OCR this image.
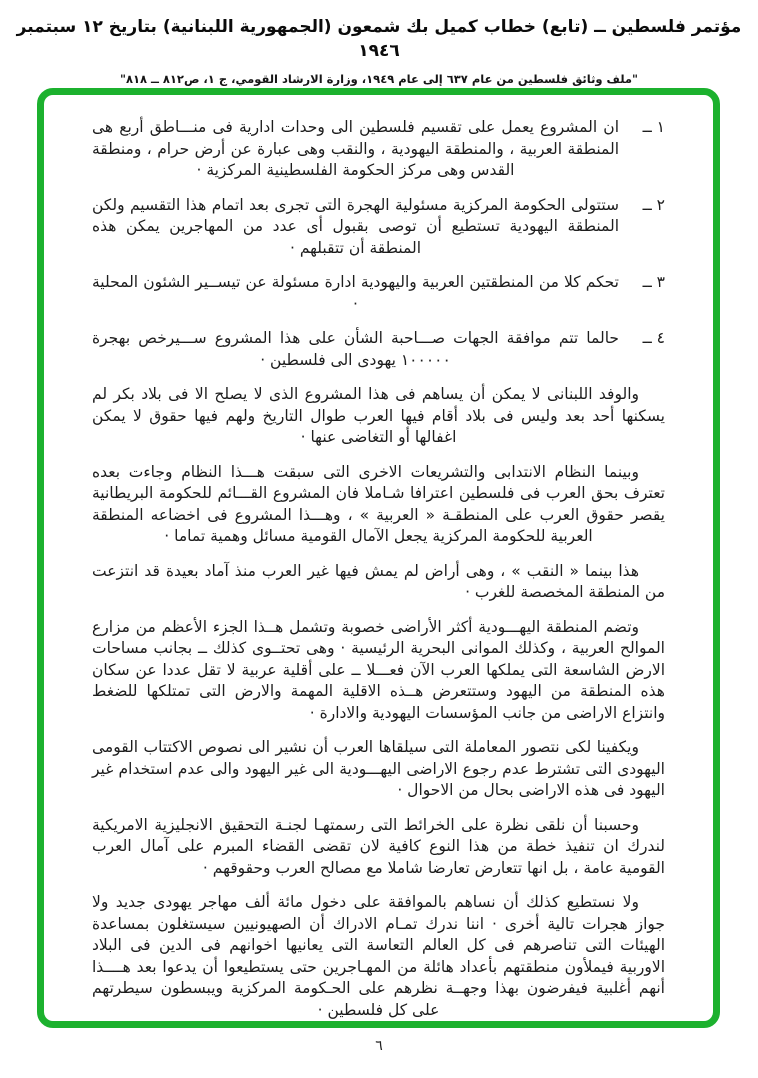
مؤتمر فلسطين ــ (تابع) خطاب كميل بك شمعون (الجمهورية اللبنانية) بتاريخ ١٢ سبتمبر ١٩٤٦
"ملف وثائق فلسطين من عام ٦٣٧ إلى عام ١٩٤٩، وزارة الارشاد القومي، ج ١، ص٨١٢ ــ ٨١٨"
١ ــ
ان المشروع يعمل على تقسيم فلسطين الى وحدات ادارية فى منـــاطق أربع هى المنطقة العربية ، والمنطقة اليهودية ، والنقب وهى عبارة عن أرض حرام ، ومنطقة القدس وهى مركز الحكومة الفلسطينية المركزية ·
٢ ــ
ستتولى الحكومة المركزية مسئولية الهجرة التى تجرى بعد اتمام هذا التقسيم ولكن المنطقة اليهودية تستطيع أن توصى بقبول أى عدد من المهاجرين يمكن هذه المنطقة أن تتقبلهم ·
٣ ــ
تحكم كلا من المنطقتين العربية واليهودية ادارة مسئولة عن تيســير الشئون المحلية ·
٤ ــ
حالما تتم موافقة الجهات صـــاحبة الشأن على هذا المشروع ســـيرخص بهجرة ١٠٠٠٠٠ يهودى الى فلسطين ·

والوفد اللبنانى لا يمكن أن يساهم فى هذا المشروع الذى لا يصلح الا فى بلاد بكر لم يسكنها أحد بعد وليس فى بلاد أقام فيها العرب طوال التاريخ ولهم فيها حقوق لا يمكن اغفالها أو التغاضى عنها ·

وبينما النظام الانتدابى والتشريعات الاخرى التى سبقت هـــذا النظام وجاءت بعده تعترف بحق العرب فى فلسطين اعترافا شـاملا فان المشروع القـــائم للحكومة البريطانية يقصر حقوق العرب على المنطقـة « العربية » ، وهـــذا المشروع فى اخضاعه المنطقة العربية للحكومة المركزية يجعل الآمال القومية مسائل وهمية تماما ·

هذا بينما « النقب » ، وهى أراض لم يمش فيها غير العرب منذ آماد بعيدة قد انتزعت من المنطقة المخصصة للغرب ·

وتضم المنطقة اليهـــودية أكثر الأراضى خصوبة وتشمل هــذا الجزء الأعظم من مزارع الموالح العربية ، وكذلك الموانى البحرية الرئيسية · وهى تحتــوى كذلك ــ بجانب مساحات الارض الشاسعة التى يملكها العرب الآن فعـــلا ــ على أقلية عربية لا تقل عددا عن سكان هذه المنطقة من اليهود وستتعرض هــذه الاقلية المهمة والارض التى تمتلكها للضغط وانتزاع الاراضى من جانب المؤسسات اليهودية والادارة ·

ويكفينا لكى نتصور المعاملة التى سيلقاها العرب أن نشير الى نصوص الاكتتاب القومى اليهودى التى تشترط عدم رجوع الاراضى اليهـــودية الى غير اليهود والى عدم استخدام غير اليهود فى هذه الاراضى بحال من الاحوال ·

وحسبنا أن نلقى نظرة على الخرائط التى رسمتهـا لجنـة التحقيق الانجليزية الامريكية لندرك ان تنفيذ خطة من هذا النوع كافية لان تقضى القضاء المبرم على آمال العرب القومية عامة ، بل انها تتعارض تعارضا شاملا مع مصالح العرب وحقوقهم ·

ولا نستطيع كذلك أن نساهم بالموافقة على دخول مائة ألف مهاجر يهودى جديد ولا جواز هجرات تالية أخرى · اننا ندرك تمـام الادراك أن الصهيونيين سيستغلون بمساعدة الهيئات التى تناصرهم فى كل العالم التعاسة التى يعانيها اخوانهم فى الدين فى البلاد الاوربية فيملأون منطقتهم بأعداد هائلة من المهـاجرين حتى يستطيعوا أن يدعوا بعد هــــذا أنهم أغلبية فيفرضون بهذا وجهــة نظرهم على الحـكومة المركزية ويبسطون سيطرتهم على كل فلسطين ·

٦
